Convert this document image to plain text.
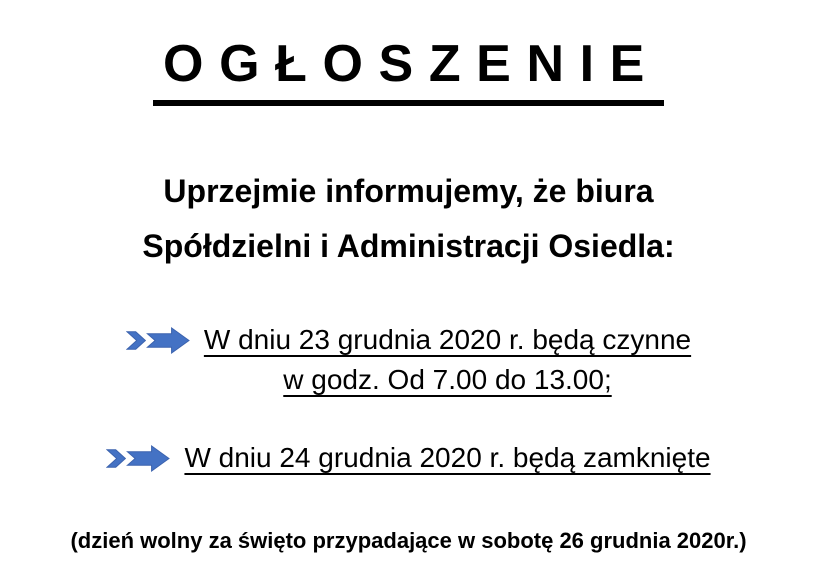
OGŁOSZENIE

Uprzejmie informujemy, że biura
Spółdzielni i Administracji Osiedla:

W dniu 23 grudnia 2020 r. będą czynne
w godz. Od 7.00 do 13.00;
W dniu 24 grudnia 2020 r. będą zamknięte

(dzień wolny za święto przypadające w sobotę 26 grudnia 2020r.)
